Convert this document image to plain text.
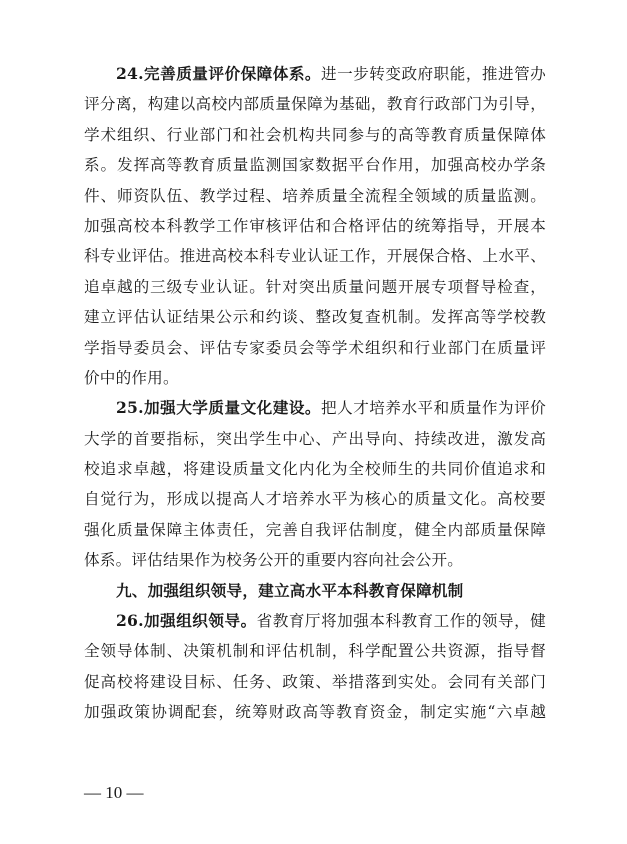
24.完善质量评价保障体系。进一步转变政府职能，推进管办
评分离，构建以高校内部质量保障为基础，教育行政部门为引导，
学术组织、行业部门和社会机构共同参与的高等教育质量保障体
系。发挥高等教育质量监测国家数据平台作用，加强高校办学条
件、师资队伍、教学过程、培养质量全流程全领域的质量监测。
加强高校本科教学工作审核评估和合格评估的统筹指导，开展本
科专业评估。推进高校本科专业认证工作，开展保合格、上水平、
追卓越的三级专业认证。针对突出质量问题开展专项督导检查，
建立评估认证结果公示和约谈、整改复查机制。发挥高等学校教
学指导委员会、评估专家委员会等学术组织和行业部门在质量评
价中的作用。
25.加强大学质量文化建设。把人才培养水平和质量作为评价
大学的首要指标，突出学生中心、产出导向、持续改进，激发高
校追求卓越，将建设质量文化内化为全校师生的共同价值追求和
自觉行为，形成以提高人才培养水平为核心的质量文化。高校要
强化质量保障主体责任，完善自我评估制度，健全内部质量保障
体系。评估结果作为校务公开的重要内容向社会公开。
九、加强组织领导，建立高水平本科教育保障机制
26.加强组织领导。省教育厅将加强本科教育工作的领导，健
全领导体制、决策机制和评估机制，科学配置公共资源，指导督
促高校将建设目标、任务、政策、举措落到实处。会同有关部门
加强政策协调配套，统筹财政高等教育资金，制定实施“六卓越
— 10 —
